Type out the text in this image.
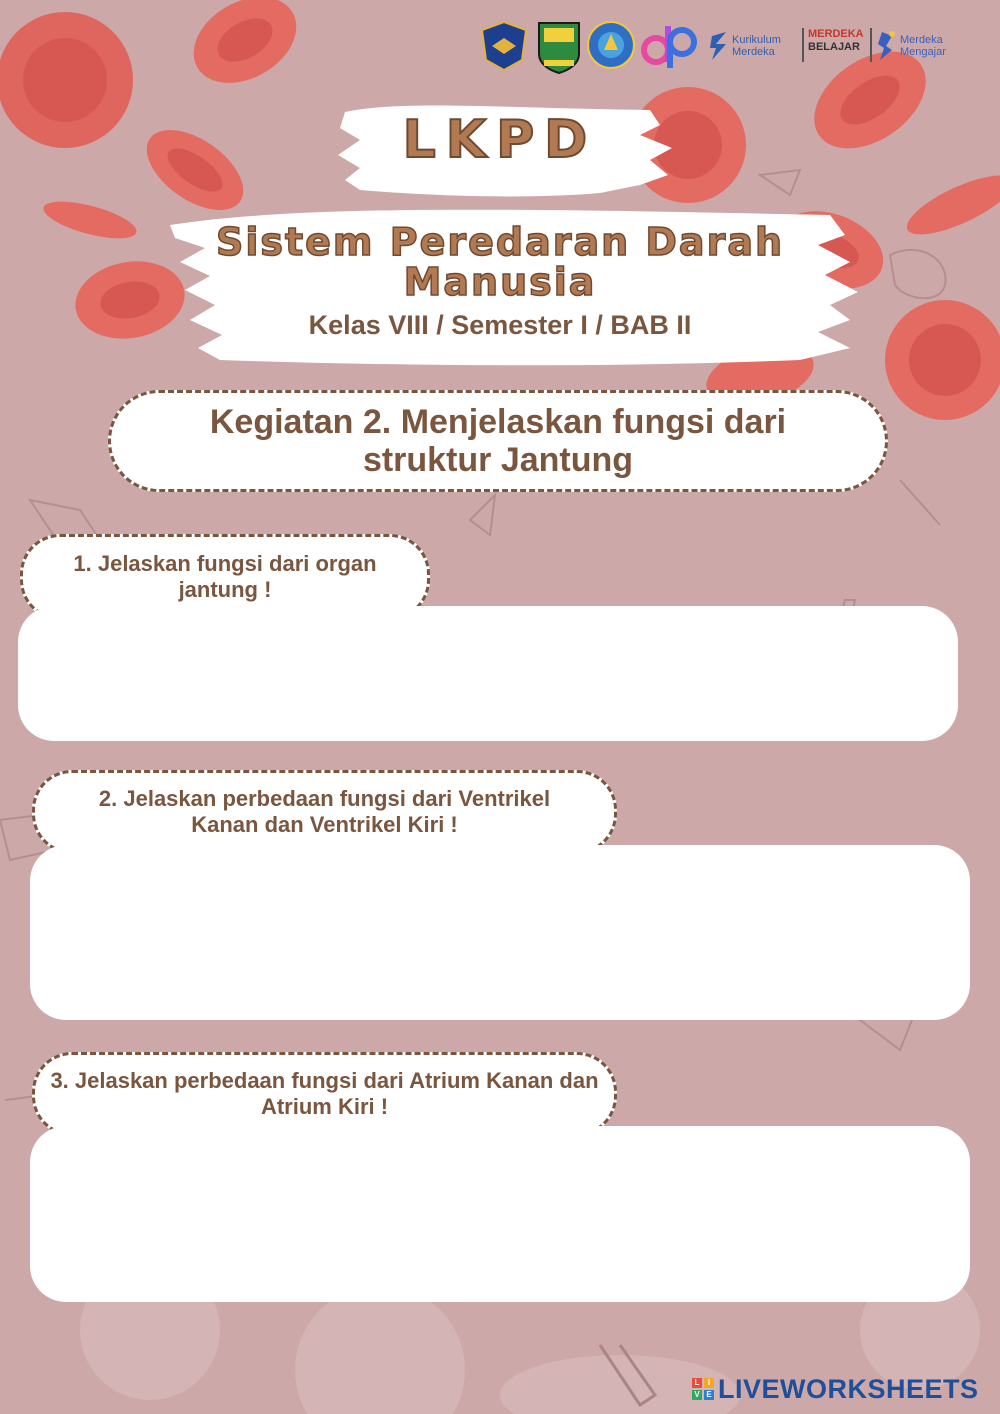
Kurikulum Merdeka
MERDEKA
BELAJAR
Merdeka Mengajar
LKPD
Sistem Peredaran Darah Manusia
Kelas VIII / Semester I / BAB II
Kegiatan 2. Menjelaskan fungsi dari struktur Jantung
1. Jelaskan fungsi dari organ jantung !
2. Jelaskan perbedaan fungsi dari Ventrikel Kanan dan Ventrikel Kiri !
3. Jelaskan perbedaan fungsi dari Atrium Kanan dan Atrium Kiri !
L	I
V E LIVEWORKSHEETS
